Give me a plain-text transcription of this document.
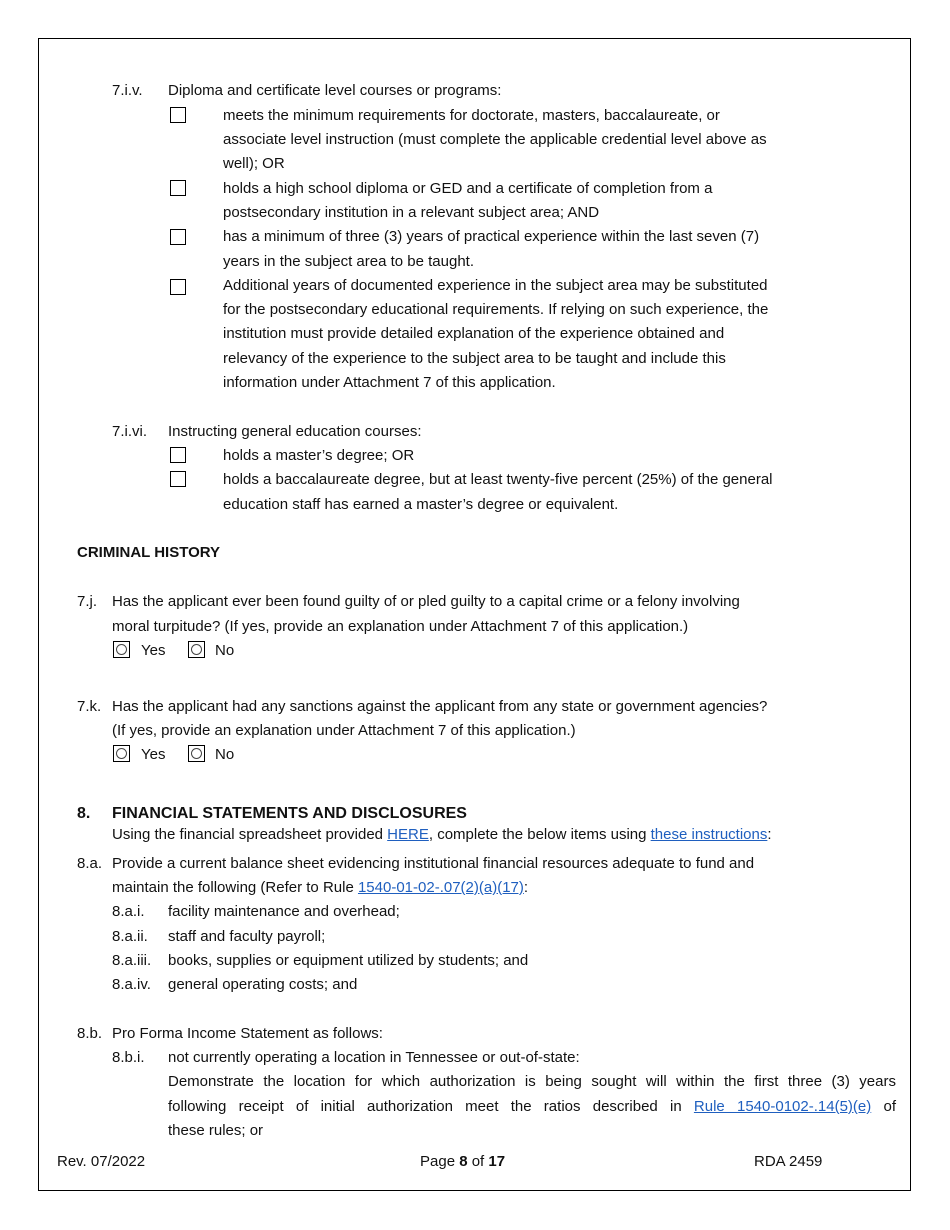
7.i.v. Diploma and certificate level courses or programs:
meets the minimum requirements for doctorate, masters, baccalaureate, or
associate level instruction (must complete the applicable credential level above as
well); OR
holds a high school diploma or GED and a certificate of completion from a
postsecondary institution in a relevant subject area; AND
has a minimum of three (3) years of practical experience within the last seven (7)
years in the subject area to be taught.
Additional years of documented experience in the subject area may be substituted
for the postsecondary educational requirements. If relying on such experience, the
institution must provide detailed explanation of the experience obtained and
relevancy of the experience to the subject area to be taught and include this
information under Attachment 7 of this application.
7.i.vi. Instructing general education courses:
holds a master’s degree; OR
holds a baccalaureate degree, but at least twenty-five percent (25%) of the general
education staff has earned a master’s degree or equivalent.
CRIMINAL HISTORY
7.j. Has the applicant ever been found guilty of or pled guilty to a capital crime or a felony involving
moral turpitude? (If yes, provide an explanation under Attachment 7 of this application.)
Yes	No
7.k. Has the applicant had any sanctions against the applicant from any state or government agencies?
(If yes, provide an explanation under Attachment 7 of this application.)
Yes	No
8. FINANCIAL STATEMENTS AND DISCLOSURES
Using the financial spreadsheet provided HERE, complete the below items using these instructions:
8.a. Provide a current balance sheet evidencing institutional financial resources adequate to fund and
maintain the following (Refer to Rule 1540-01-02-.07(2)(a)(17):
8.a.i. facility maintenance and overhead;
8.a.ii. staff and faculty payroll;
8.a.iii. books, supplies or equipment utilized by students; and
8.a.iv. general operating costs; and
8.b. Pro Forma Income Statement as follows:
8.b.i. not currently operating a location in Tennessee or out-of-state:
Demonstrate the location for which authorization is being sought will within the first three (3) years
following receipt of initial authorization meet the ratios described in Rule 1540-0102-.14(5)(e) of
these rules; or
Rev. 07/2022	Page 8 of 17	RDA 2459
